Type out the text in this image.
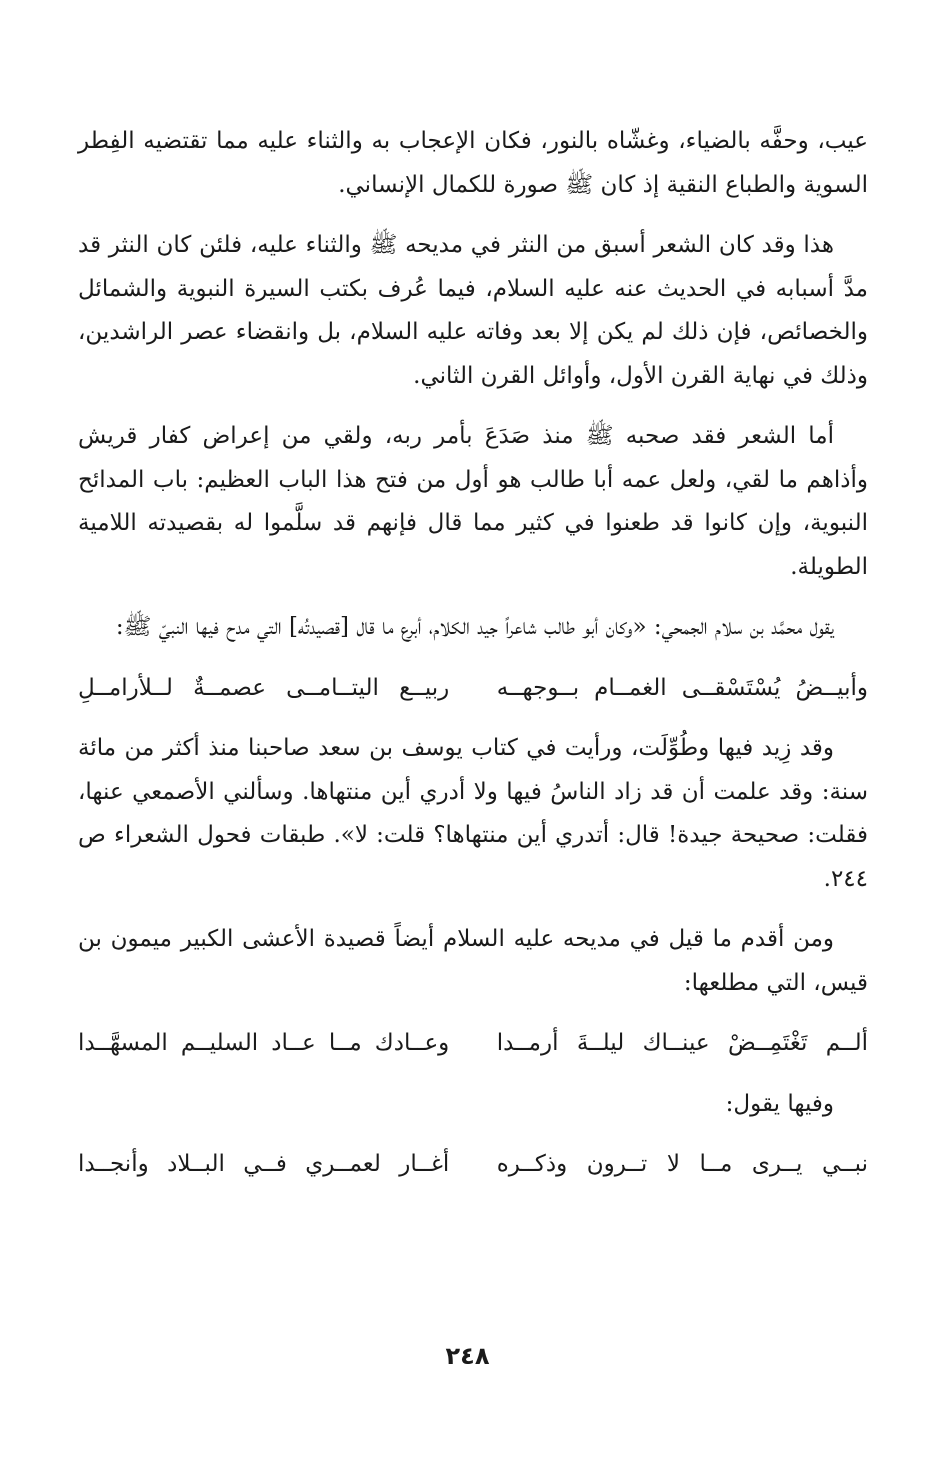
عيب، وحفَّه بالضياء، وغشّاه بالنور، فكان الإعجاب به والثناء عليه مما تقتضيه الفِطر السوية والطباع النقية إذ كان ﷺ صورة للكمال الإنساني.

هذا وقد كان الشعر أسبق من النثر في مديحه ﷺ والثناء عليه، فلئن كان النثر قد مدَّ أسبابه في الحديث عنه عليه السلام، فيما عُرف بكتب السيرة النبوية والشمائل والخصائص، فإن ذلك لم يكن إلا بعد وفاته عليه السلام، بل وانقضاء عصر الراشدين، وذلك في نهاية القرن الأول، وأوائل القرن الثاني.

أما الشعر فقد صحبه ﷺ منذ صَدَعَ بأمر ربه، ولقي من إعراض كفار قريش وأذاهم ما لقي، ولعل عمه أبا طالب هو أول من فتح هذا الباب العظيم: باب المدائح النبوية، وإن كانوا قد طعنوا في كثير مما قال فإنهم قد سلَّموا له بقصيدته اللامية الطويلة.

يقول محمَّد بن سلام الجمحي: «وكان أبو طالب شاعراً جيد الكلام، أبرع ما قال [قصيدتُه] التي مدح فيها النبيّ ﷺ:

وأبيــضُ يُسْتَسْقــى الغمــام بــوجهــه
ربيــع اليتــامــى عصمــةٌ لــلأرامــلِ

وقد زِيد فيها وطُوِّلَت، ورأيت في كتاب يوسف بن سعد صاحبنا منذ أكثر من مائة سنة: وقد علمت أن قد زاد الناسُ فيها ولا أدري أين منتهاها. وسألني الأصمعي عنها، فقلت: صحيحة جيدة! قال: أتدري أين منتهاها؟ قلت: لا». طبقات فحول الشعراء ص ٢٤٤.

ومن أقدم ما قيل في مديحه عليه السلام أيضاً قصيدة الأعشى الكبير ميمون بن قيس، التي مطلعها:

ألــم تَغْتَمِــضْ عينــاك ليلــةَ أرمــدا
وعــادك مــا عــاد السليــم المسهَّــدا

وفيها يقول:

نبــي يــرى مــا لا تــرون وذكــره
أغــار لعمــري فــي البــلاد وأنجــدا
٢٤٨
